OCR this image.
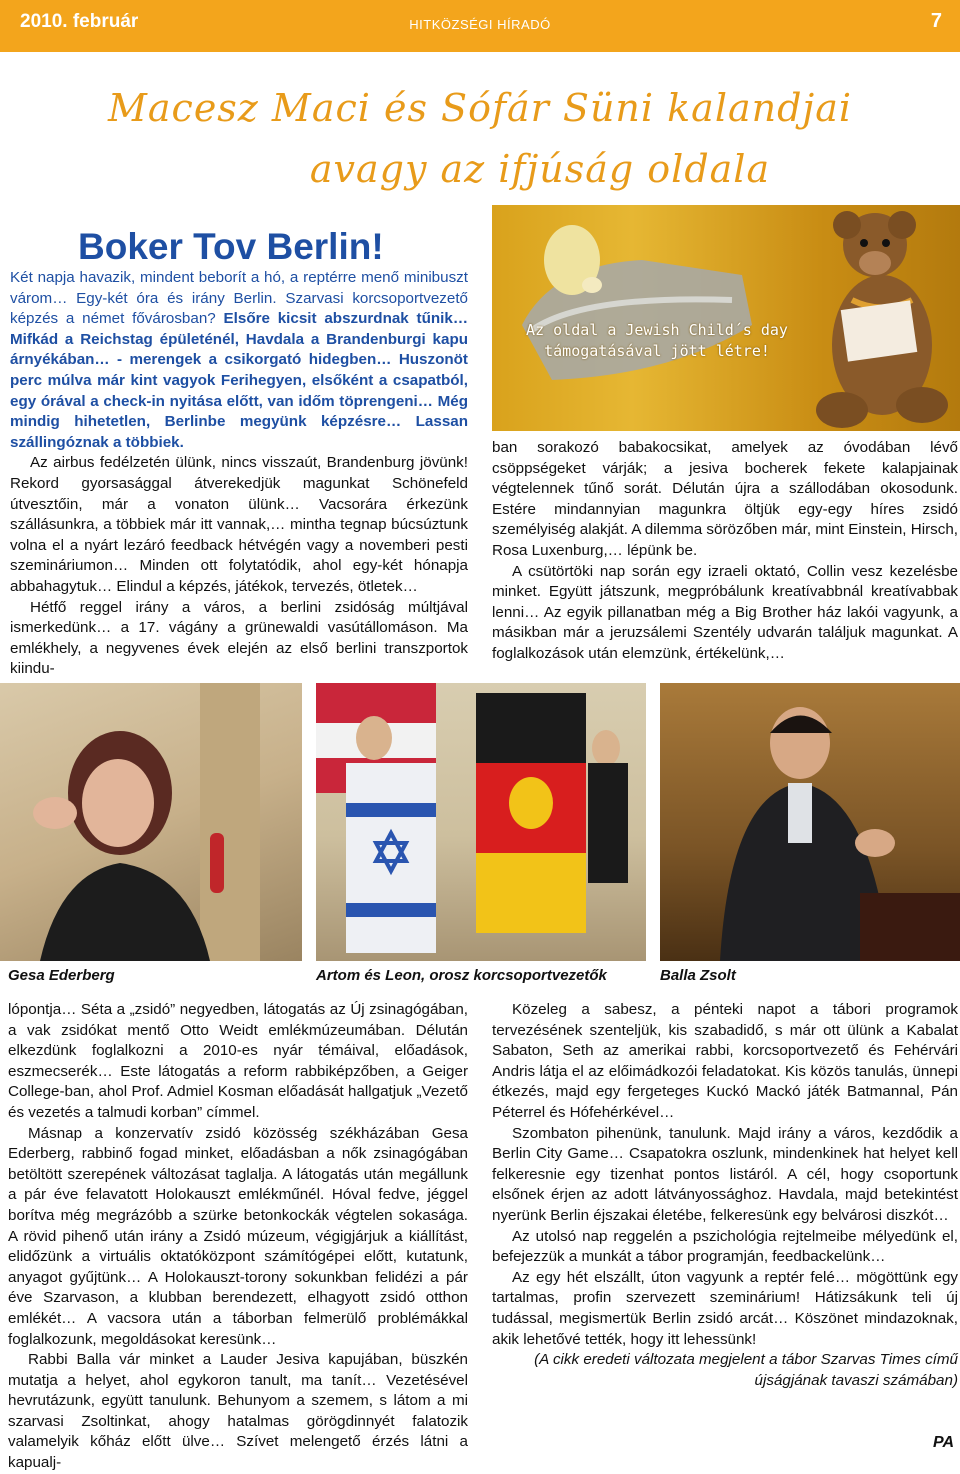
2010. február	HITKÖZSÉGI HÍRADÓ	7
Macesz Maci és Sófár Süni kalandjai
avagy az ifjúság oldala
Boker Tov Berlin!

Két napja havazik, mindent beborít a hó, a reptérre menő minibuszt várom… Egy-két óra és irány Berlin. Szarvasi korcsoportvezető képzés a német fővárosban? Elsőre kicsit abszurdnak tűnik… Mifkád a Reichstag épületénél, Havdala a Brandenburgi kapu árnyékában… - merengek a csikorgató hidegben… Huszonöt perc múlva már kint vagyok Ferihegyen, elsőként a csapatból, egy órával a check-in nyitása előtt, van időm töprengeni… Még mindig hihetetlen, Berlinbe megyünk képzésre… Lassan szállingóznak a többiek.

Az airbus fedélzetén ülünk, nincs visszaút, Brandenburg jövünk! Rekord gyorsasággal átverekedjük magunkat Schönefeld útvesztőin, már a vonaton ülünk… Vacsorára érkezünk szállásunkra, a többiek már itt vannak,… mintha tegnap búcsúztunk volna el a nyárt lezáró feedback hétvégén vagy a novemberi pesti szemináriumon… Minden ott folytatódik, ahol egy-két hónapja abbahagytuk… Elindul a képzés, játékok, tervezés, ötletek…

Hétfő reggel irány a város, a berlini zsidóság múltjával ismerkedünk… a 17. vágány a grünewaldi vasútállomáson. Ma emlékhely, a negyvenes évek elején az első berlini transzportok kiindu-

Az oldal a Jewish Child´s day
támogatásával jött létre!

ban sorakozó babakocsikat, amelyek az óvodában lévő csöppségeket várják; a jesiva bocherek fekete kalapjainak végtelennek tűnő sorát. Délután újra a szállodában okosodunk. Estére mindannyian magunkra öltjük egy-egy híres zsidó személyiség alakját. A dilemma sörözőben már, mint Einstein, Hirsch, Rosa Luxenburg,… lépünk be.

A csütörtöki nap során egy izraeli oktató, Collin vesz kezelésbe minket. Együtt játszunk, megpróbálunk kreatívabbnál kreatívabbak lenni… Az egyik pillanatban még a Big Brother ház lakói vagyunk, a másikban már a jeruzsálemi Szentély udvarán találjuk magunkat. A foglalkozások után elemzünk, értékelünk,…

Gesa Ederberg	Artom és Leon, orosz korcsoportvezetők	Balla Zsolt

lópontja… Séta a „zsidó” negyedben, látogatás az Új zsinagógában, a vak zsidókat mentő Otto Weidt emlékmúzeumában. Délután elkezdünk foglalkozni a 2010-es nyár témáival, előadások, eszmecserék… Este látogatás a reform rabbiképzőben, a Geiger College-ban, ahol Prof. Admiel Kosman előadását hallgatjuk „Vezető és vezetés a talmudi korban” címmel.

Másnap a konzervatív zsidó közösség székházában Gesa Ederberg, rabbinő fogad minket, előadásban a nők zsinagógában betöltött szerepének változásat taglalja. A látogatás után megállunk a pár éve felavatott Holokauszt emlékműnél. Hóval fedve, jéggel borítva még megrázóbb a szürke betonkockák végtelen sokasága. A rövid pihenő után irány a Zsidó múzeum, végigjárjuk a kiállítást, elidőzünk a virtuális oktatóközpont számítógépei előtt, kutatunk, anyagot gyűjtünk… A Holokauszt-torony sokunkban felidézi a pár éve Szarvason, a klubban berendezett, elhagyott zsidó otthon emlékét… A vacsora után a táborban felmerülő problémákkal foglalkozunk, megoldásokat keresünk…

Rabbi Balla vár minket a Lauder Jesiva kapujában, büszkén mutatja a helyet, ahol egykoron tanult, ma tanít… Vezetésével hevrutázunk, együtt tanulunk. Behunyom a szemem, s látom a mi szarvasi Zsoltinkat, ahogy hatalmas görögdinnyét falatozik valamelyik kőház előtt ülve… Szívet melengető érzés látni a kapualj-

Közeleg a sabesz, a pénteki napot a tábori programok tervezésének szenteljük, kis szabadidő, s már ott ülünk a Kabalat Sabaton, Seth az amerikai rabbi, korcsoportvezető és Fehérvári Andris látja el az előimádkozói feladatokat. Kis közös tanulás, ünnepi étkezés, majd egy fergeteges Kuckó Mackó játék Batmannal, Pán Péterrel és Hófehérkével…

Szombaton pihenünk, tanulunk. Majd irány a város, kezdődik a Berlin City Game… Csapatokra oszlunk, mindenkinek hat helyet kell felkeresnie egy tizenhat pontos listáról. A cél, hogy csoportunk elsőnek érjen az adott látványossághoz. Havdala, majd betekintést nyerünk Berlin éjszakai életébe, felkeresünk egy belvárosi diszkót…

Az utolsó nap reggelén a pszichológia rejtelmeibe mélyedünk el, befejezzük a munkát a tábor programján, feedbackelünk…

Az egy hét elszállt, úton vagyunk a reptér felé… mögöttünk egy tartalmas, profin szervezett szeminárium! Hátizsákunk teli új tudással, megismertük Berlin zsidó arcát… Köszönet mindazoknak, akik lehetővé tették, hogy itt lehessünk!

(A cikk eredeti változata megjelent a tábor Szarvas Times című újságjának tavaszi számában)

PA
